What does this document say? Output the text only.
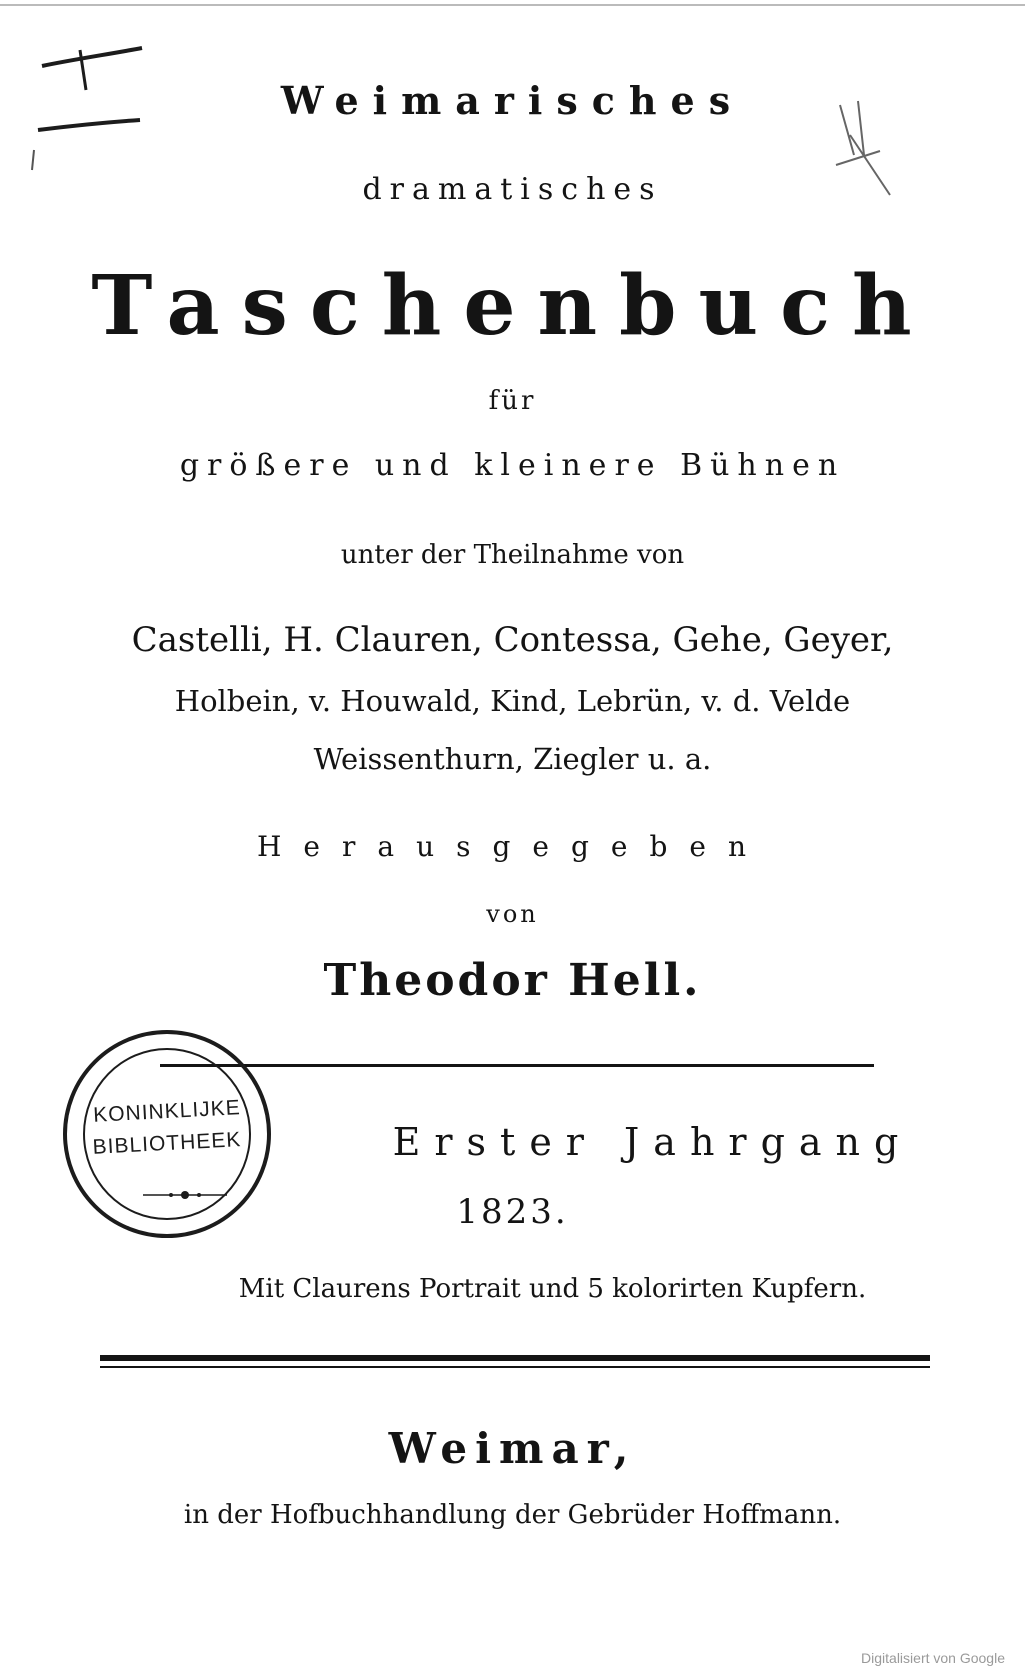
Weimarisches
dramatisches
Taschenbuch
für
größere und kleinere Bühnen
unter der Theilnahme von
Castelli, H. Clauren, Contessa, Gehe, Geyer,
Holbein, v. Houwald, Kind, Lebrün, v. d. Velde
Weissenthurn, Ziegler u. a.
Herausgegeben
von
Theodor Hell.
Erster Jahrgang
1823.
Mit Claurens Portrait und 5 kolorirten Kupfern.
Weimar,
in der Hofbuchhandlung der Gebrüder Hoffmann.
KONINKLIJKE
BIBLIOTHEEK
Digitalisiert von Google
